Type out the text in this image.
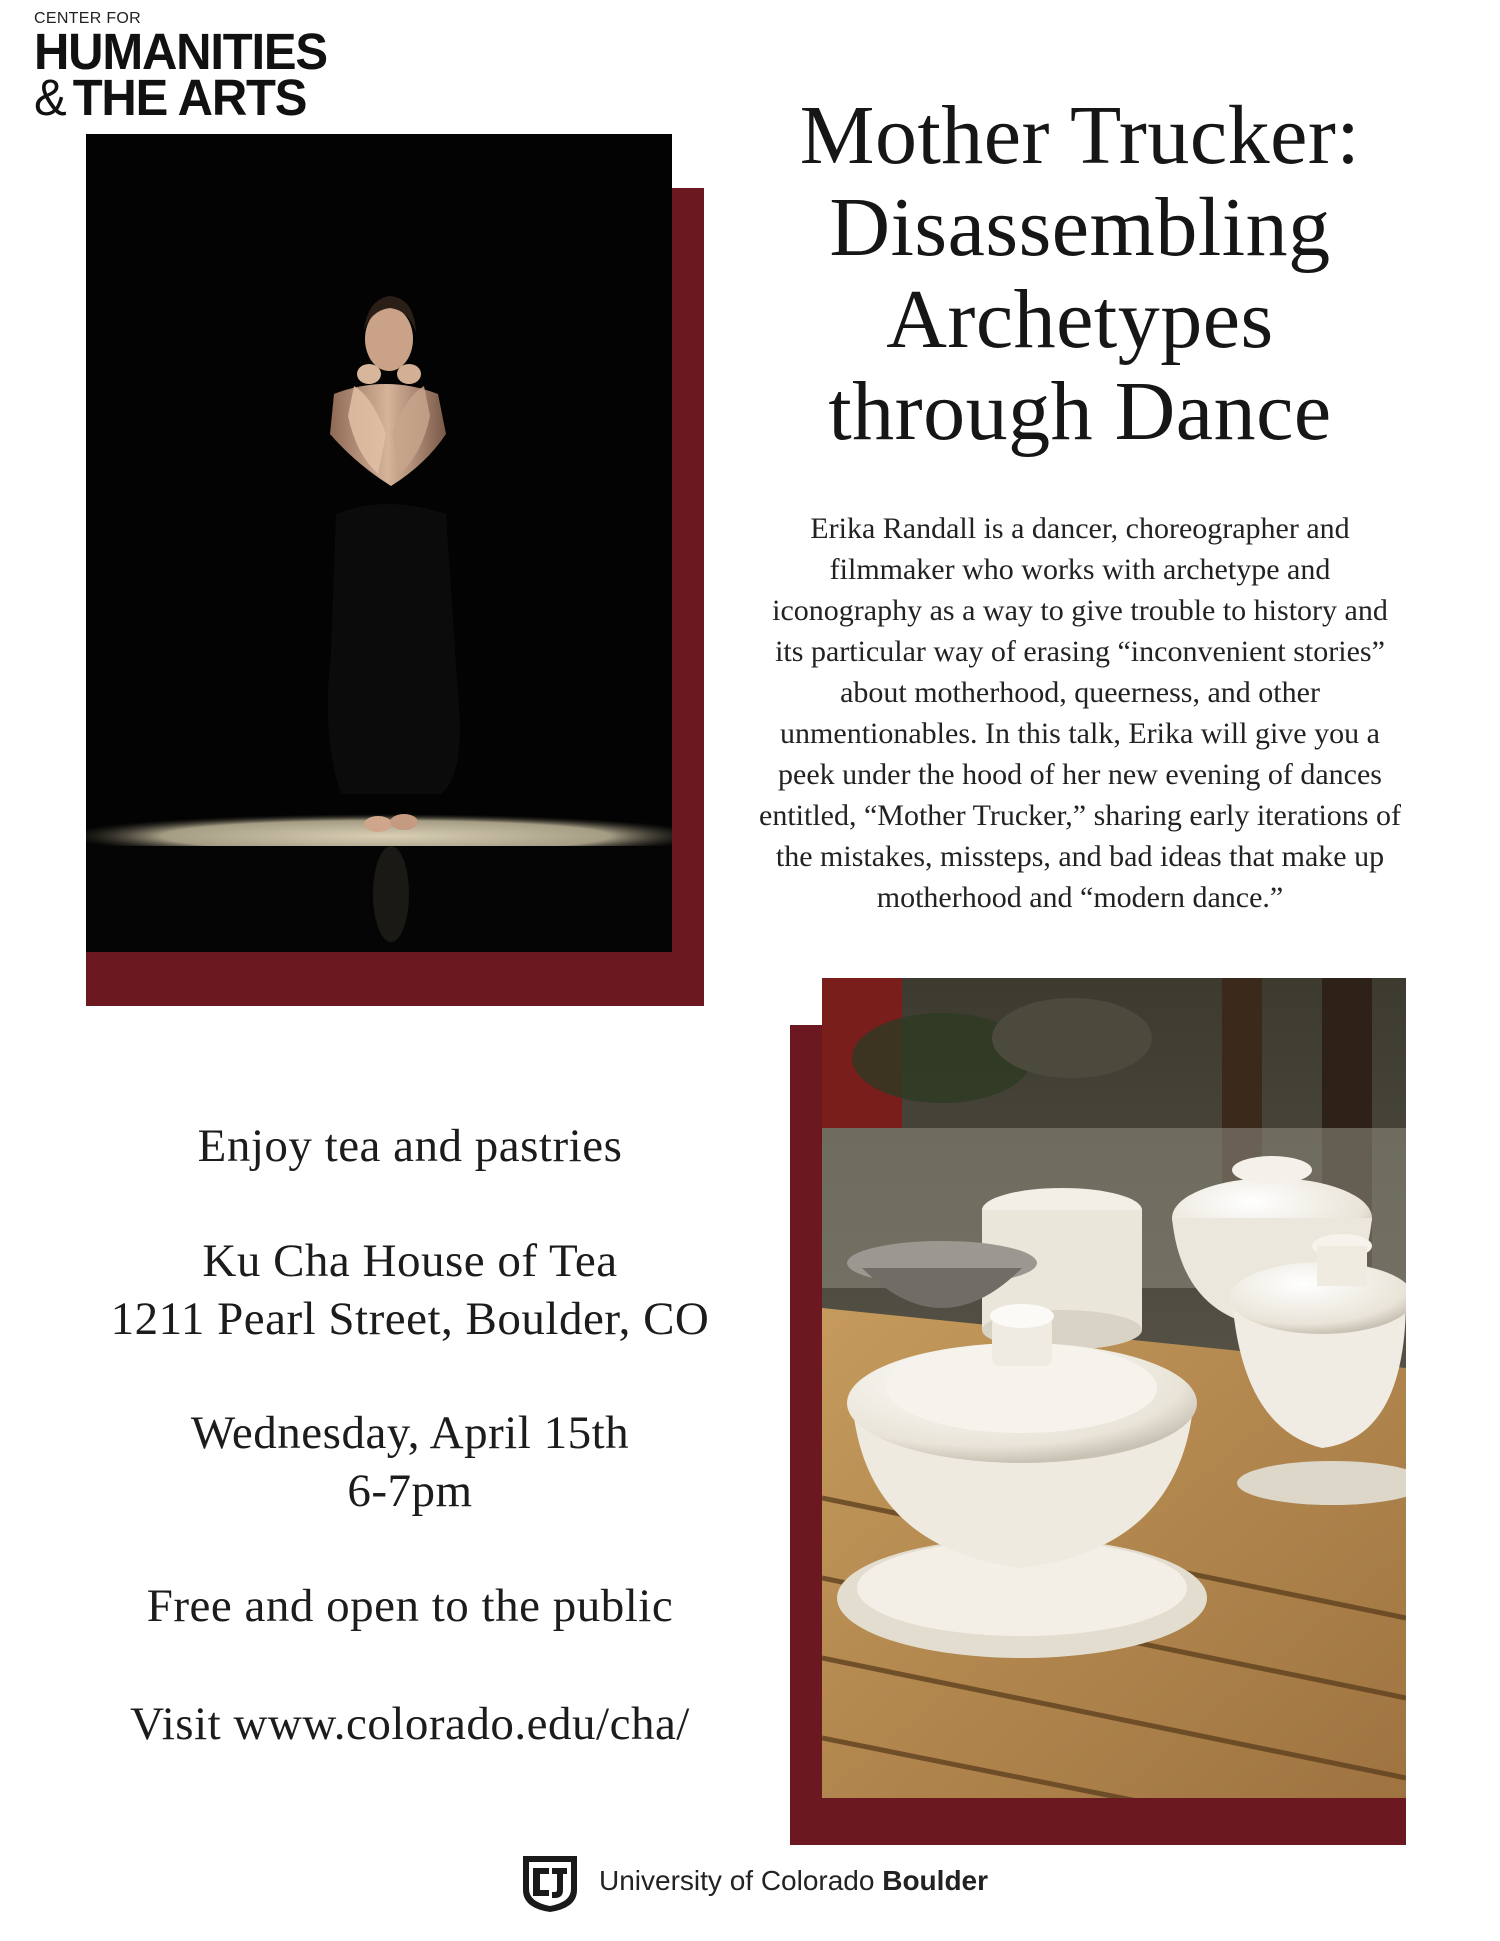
CENTER FOR
HUMANITIES
& THE ARTS	Mother Trucker:
Disassembling
Archetypes
through Dance
Erika Randall is a dancer, choreographer and filmmaker who works with archetype and iconography as a way to give trouble to history and its particular way of erasing “inconvenient stories” about motherhood, queerness, and other unmentionables. In this talk, Erika will give you a peek under the hood of her new evening of dances entitled, “Mother Trucker,” sharing early iterations of the mistakes, missteps, and bad ideas that make up motherhood and “modern dance.”
Enjoy tea and pastries
Ku Cha House of Tea
1211 Pearl Street, Boulder, CO
Wednesday, April 15th
6-7pm
Free and open to the public
Visit www.colorado.edu/cha/
University of Colorado Boulder
